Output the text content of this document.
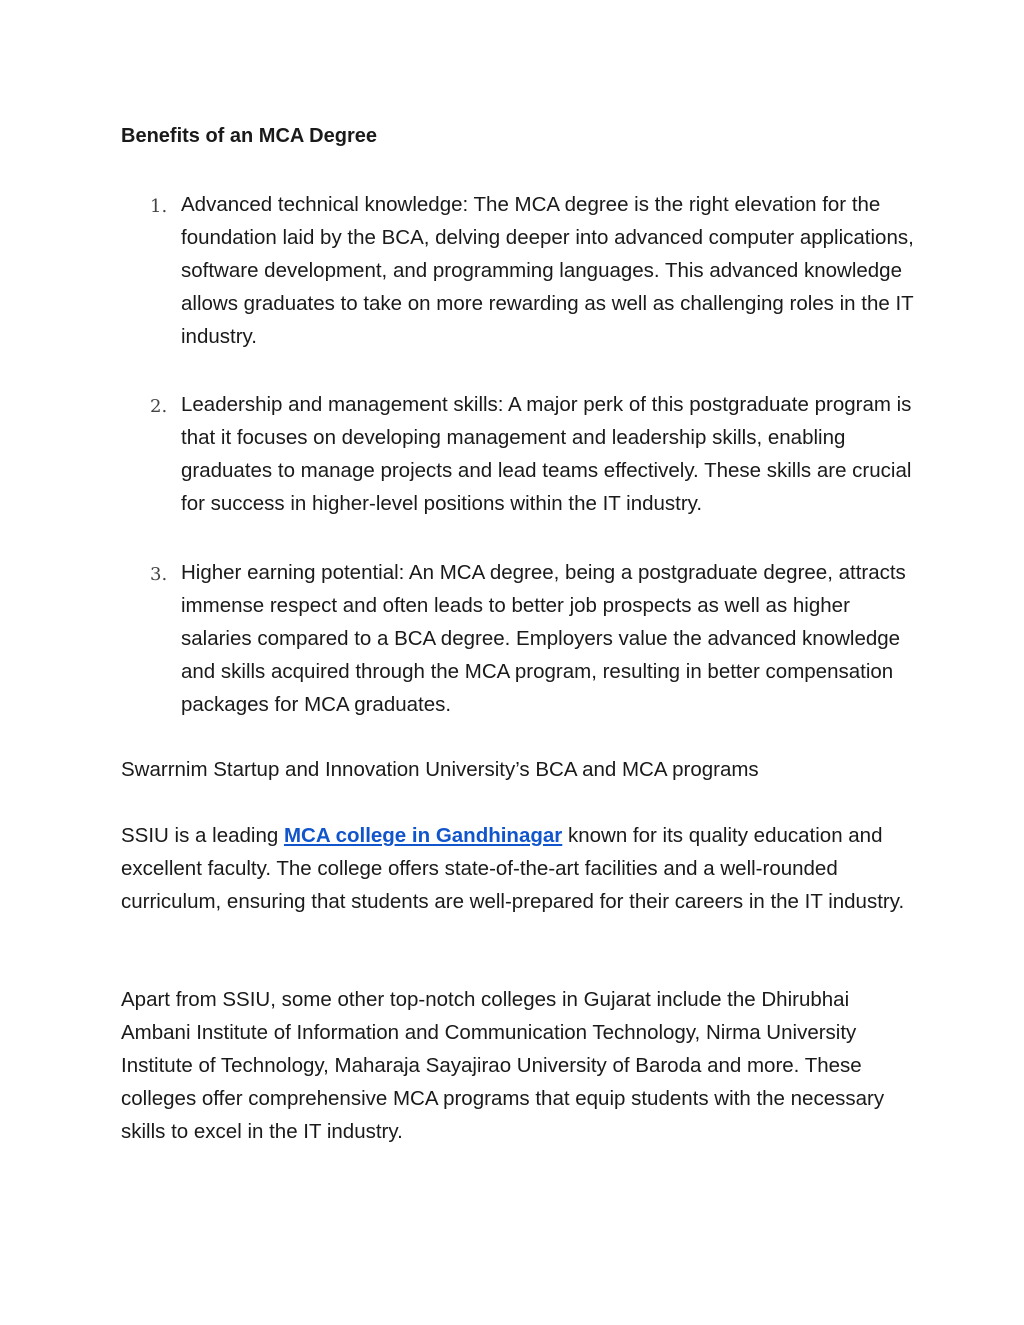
Benefits of an MCA Degree
1. Advanced technical knowledge: The MCA degree is the right elevation for the foundation laid by the BCA, delving deeper into advanced computer applications, software development, and programming languages. This advanced knowledge allows graduates to take on more rewarding as well as challenging roles in the IT industry.

2. Leadership and management skills: A major perk of this postgraduate program is that it focuses on developing management and leadership skills, enabling graduates to manage projects and lead teams effectively. These skills are crucial for success in higher-level positions within the IT industry.

3. Higher earning potential: An MCA degree, being a postgraduate degree, attracts immense respect and often leads to better job prospects as well as higher salaries compared to a BCA degree. Employers value the advanced knowledge and skills acquired through the MCA program, resulting in better compensation packages for MCA graduates.

Swarrnim Startup and Innovation University’s BCA and MCA programs

SSIU is a leading MCA college in Gandhinagar known for its quality education and excellent faculty. The college offers state-of-the-art facilities and a well-rounded curriculum, ensuring that students are well-prepared for their careers in the IT industry.

Apart from SSIU, some other top-notch colleges in Gujarat include the Dhirubhai Ambani Institute of Information and Communication Technology, Nirma University Institute of Technology, Maharaja Sayajirao University of Baroda and more. These colleges offer comprehensive MCA programs that equip students with the necessary skills to excel in the IT industry.
